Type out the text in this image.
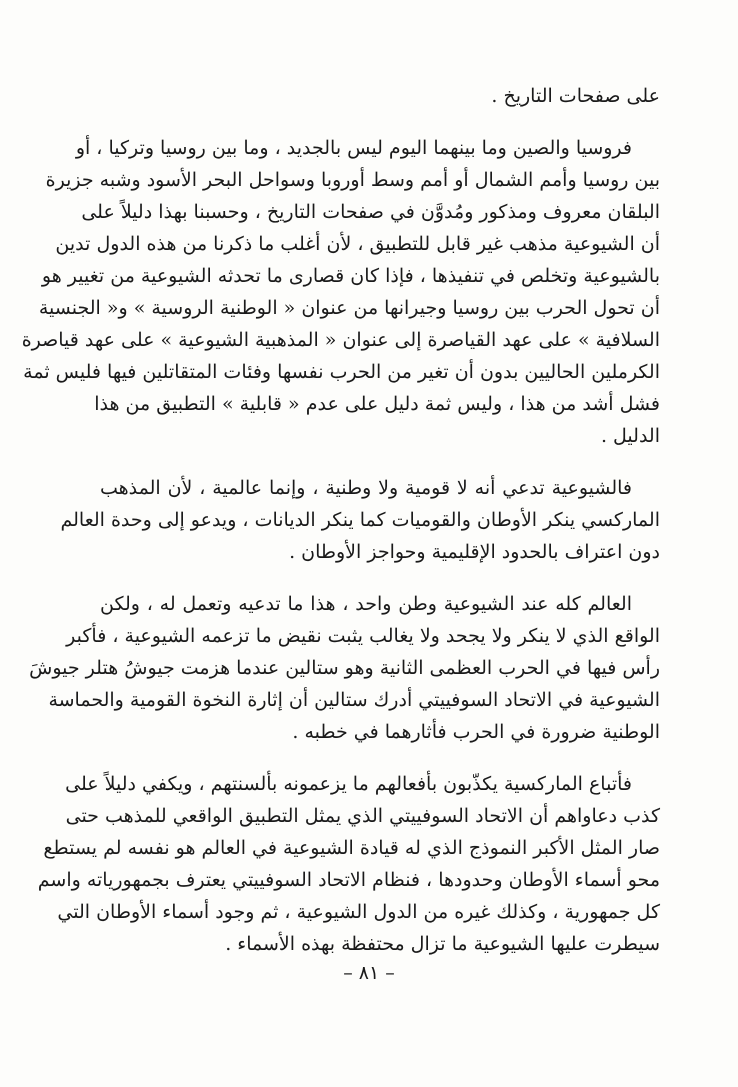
على صفحات التاريخ .
فروسيا والصين وما بينهما اليوم ليس بالجديد ، وما بين روسيا وتركيا ، أو
بين روسيا وأمم الشمال أو أمم وسط أوروبا وسواحل البحر الأسود وشبه جزيرة
البلقان معروف ومذكور ومُدوَّن في صفحات التاريخ ، وحسبنا بهذا دليلاً على
أن الشيوعية مذهب غير قابل للتطبيق ، لأن أغلب ما ذكرنا من هذه الدول تدين
بالشيوعية وتخلص في تنفيذها ، فإذا كان قصارى ما تحدثه الشيوعية من تغيير هو
أن تحول الحرب بين روسيا وجيرانها من عنوان « الوطنية الروسية » و« الجنسية
السلافية » على عهد القياصرة إلى عنوان « المذهبية الشيوعية » على عهد قياصرة
الكرملين الحاليين بدون أن تغير من الحرب نفسها وفئات المتقاتلين فيها فليس ثمة
فشل أشد من هذا ، وليس ثمة دليل على عدم « قابلية » التطبيق من هذا
الدليل .
فالشيوعية تدعي أنه لا قومية ولا وطنية ، وإنما عالمية ، لأن المذهب
الماركسي ينكر الأوطان والقوميات كما ينكر الديانات ، ويدعو إلى وحدة العالم
دون اعتراف بالحدود الإقليمية وحواجز الأوطان .
العالم كله عند الشيوعية وطن واحد ، هذا ما تدعيه وتعمل له ، ولكن
الواقع الذي لا ينكر ولا يجحد ولا يغالب يثبت نقيض ما تزعمه الشيوعية ، فأكبر
رأس فيها في الحرب العظمى الثانية وهو ستالين عندما هزمت جيوشُ هتلر جيوشَ
الشيوعية في الاتحاد السوفييتي أدرك ستالين أن إثارة النخوة القومية والحماسة
الوطنية ضرورة في الحرب فأثارهما في خطبه .
فأتباع الماركسية يكذّبون بأفعالهم ما يزعمونه بألسنتهم ، ويكفي دليلاً على
كذب دعاواهم أن الاتحاد السوفييتي الذي يمثل التطبيق الواقعي للمذهب حتى
صار المثل الأكبر النموذج الذي له قيادة الشيوعية في العالم هو نفسه لم يستطع
محو أسماء الأوطان وحدودها ، فنظام الاتحاد السوفييتي يعترف بجمهورياته واسم
كل جمهورية ، وكذلك غيره من الدول الشيوعية ، ثم وجود أسماء الأوطان التي
سيطرت عليها الشيوعية ما تزال محتفظة بهذه الأسماء .
– ٨١ –
